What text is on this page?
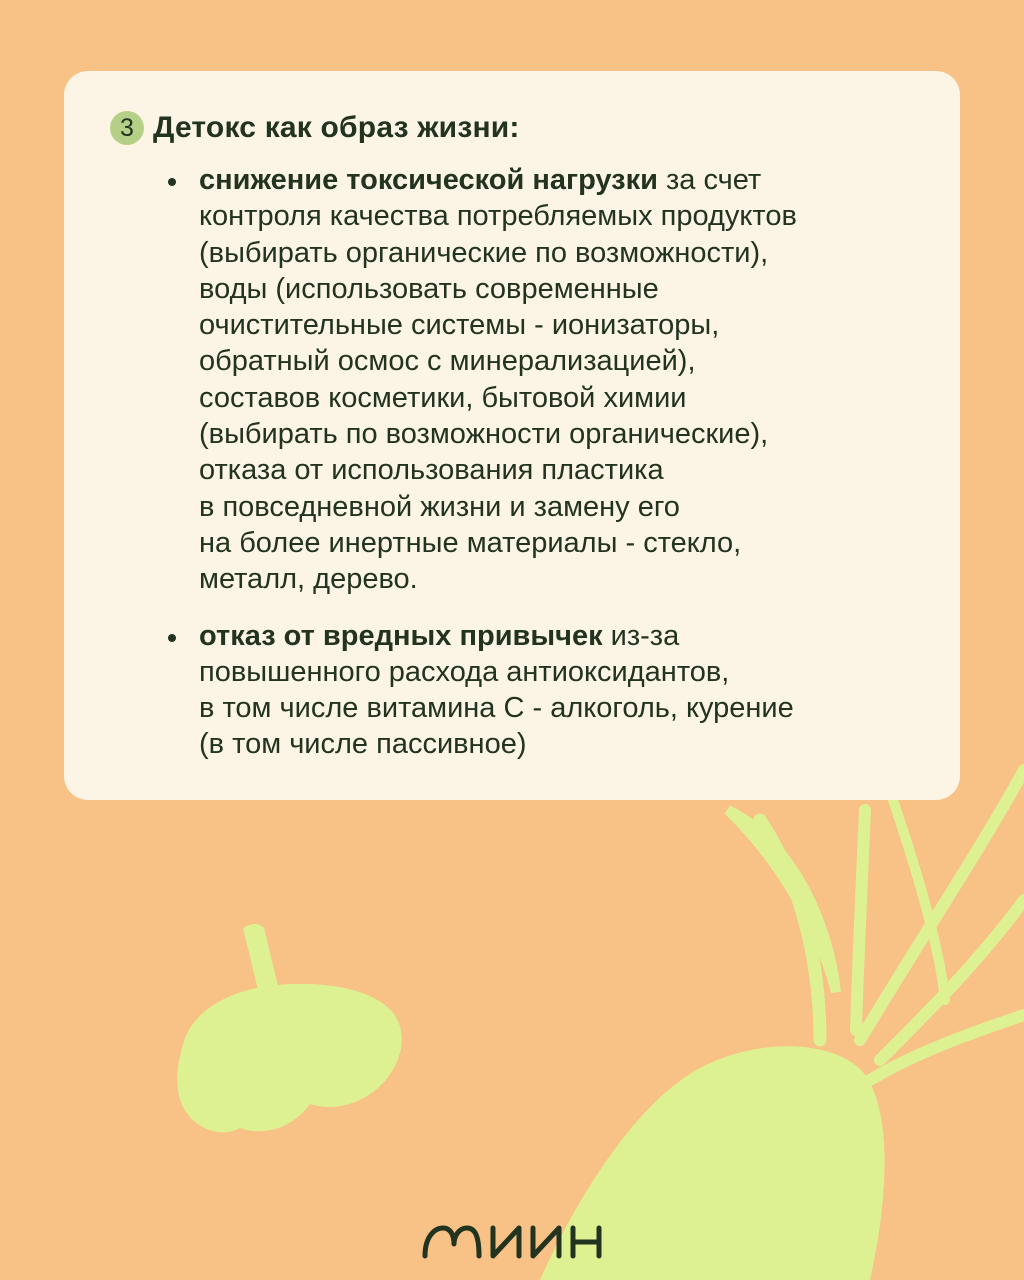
3 Детокс как образ жизни:
снижение токсической нагрузки за счет
контроля качества потребляемых продуктов
(выбирать органические по возможности),
воды (использовать современные
очистительные системы - ионизаторы,
обратный осмос с минерализацией),
составов косметики, бытовой химии
(выбирать по возможности органические),
отказа от использования пластика
в повседневной жизни и замену его
на более инертные материалы - стекло,
металл, дерево.
отказ от вредных привычек из-за
повышенного расхода антиоксидантов,
в том числе витамина С - алкоголь, курение
(в том числе пассивное)
